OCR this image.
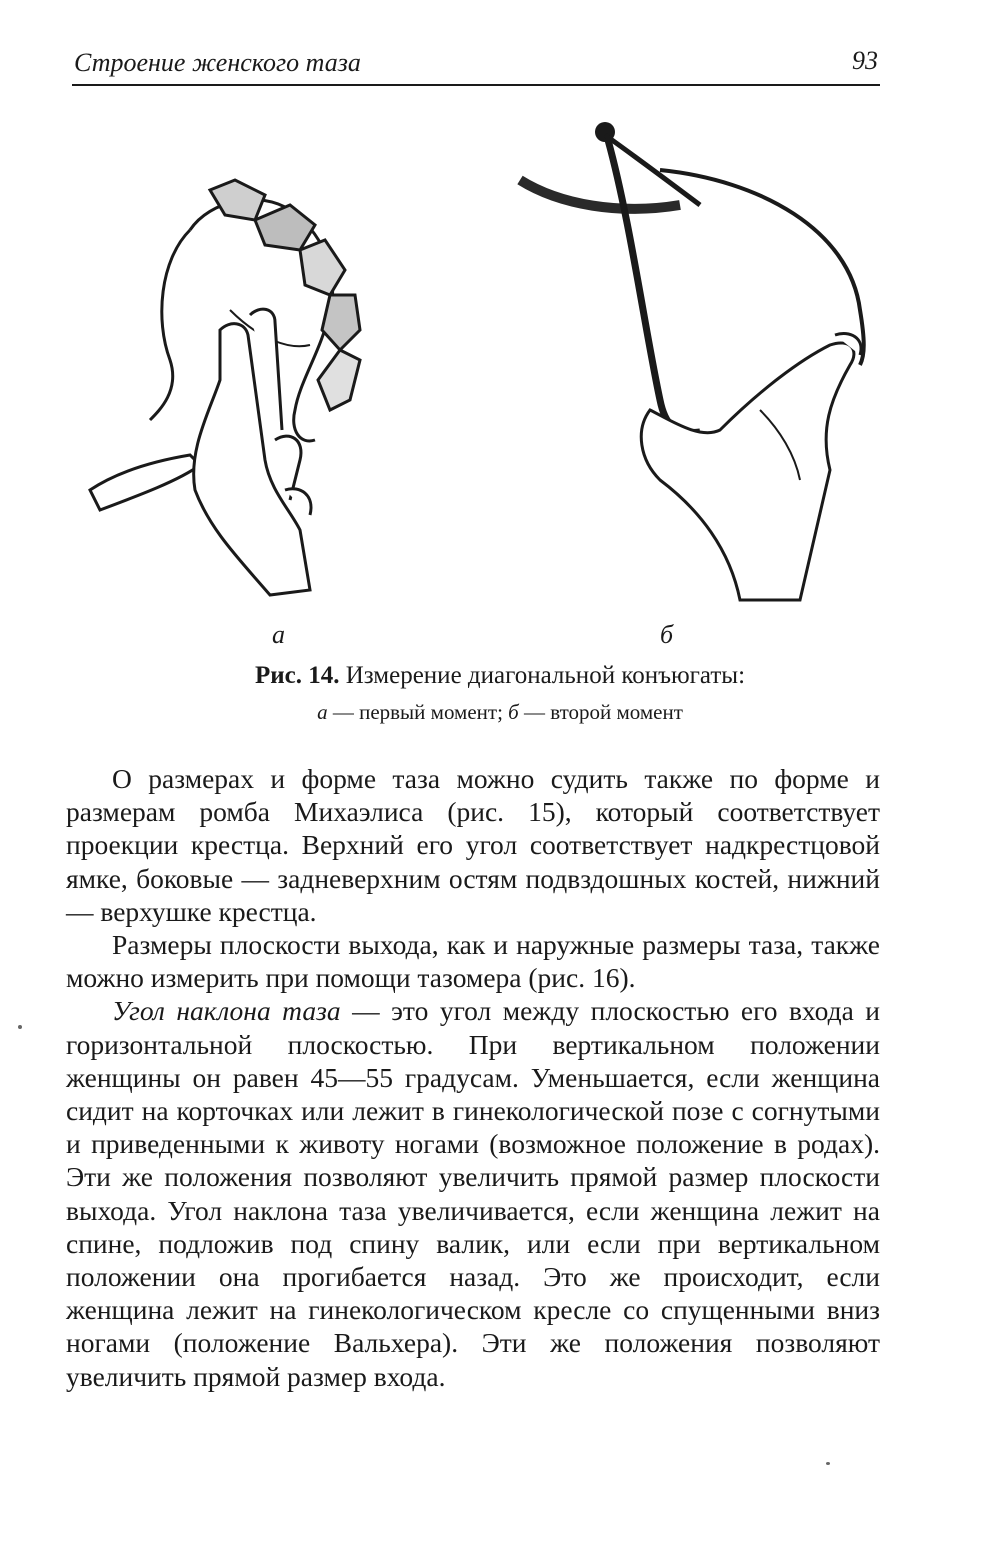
Строение женского таза	93
а	б
Рис. 14. Измерение диагональной конъюгаты:
а — первый момент; б — второй момент

О размерах и форме таза можно судить также по форме и размерам ромба Михаэлиса (рис. 15), который соответствует проекции крестца. Верхний его угол соответствует надкрестцовой ямке, боковые — задневерхним остям подвздошных костей, нижний — верхушке крестца.

Размеры плоскости выхода, как и наружные размеры таза, также можно измерить при помощи тазомера (рис. 16).

Угол наклона таза — это угол между плоскостью его входа и горизонтальной плоскостью. При вертикальном положении женщины он равен 45—55 градусам. Уменьшается, если женщина сидит на корточках или лежит в гинекологической позе с согнутыми и приведенными к животу ногами (возможное положение в родах). Эти же положения позволяют увеличить прямой размер плоскости выхода. Угол наклона таза увеличивается, если женщина лежит на спине, подложив под спину валик, или если при вертикальном положении она прогибается назад. Это же происходит, если женщина лежит на гинекологическом кресле со спущенными вниз ногами (положение Вальхера). Эти же положения позволяют увеличить прямой размер входа.
